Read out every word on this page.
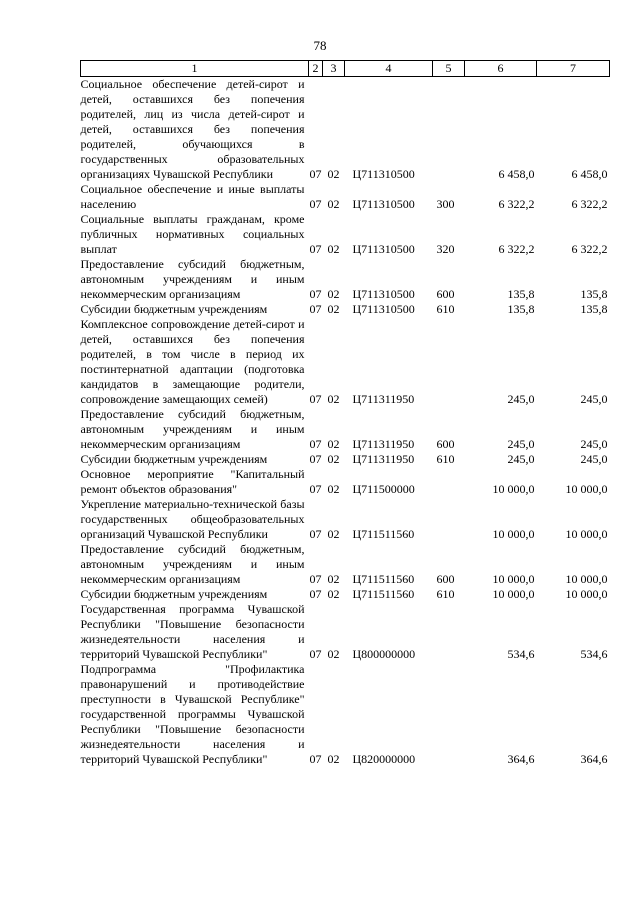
78
1	2	3	4	5	6	7
Социальное обеспечение детей-сирот и детей, оставшихся без попечения родителей, лиц из числа детей-сирот и детей, оставшихся без попечения родителей, обучающихся в государственных образовательных организациях Чувашской Республики	07	02	Ц711310500		6 458,0	6 458,0
Социальное обеспечение и иные выплаты населению	07	02	Ц711310500	300	6 322,2	6 322,2
Социальные выплаты гражданам, кроме публичных нормативных социальных выплат	07	02	Ц711310500	320	6 322,2	6 322,2
Предоставление субсидий бюджетным, автономным учреждениям и иным некоммерческим организациям	07	02	Ц711310500	600	135,8	135,8
Субсидии бюджетным учреждениям	07	02	Ц711310500	610	135,8	135,8
Комплексное сопровождение детей-сирот и детей, оставшихся без попечения родителей, в том числе в период их постинтернатной адаптации (подготовка кандидатов в замещающие родители, сопровождение замещающих семей)	07	02	Ц711311950		245,0	245,0
Предоставление субсидий бюджетным, автономным учреждениям и иным некоммерческим организациям	07	02	Ц711311950	600	245,0	245,0
Субсидии бюджетным учреждениям	07	02	Ц711311950	610	245,0	245,0
Основное мероприятие "Капитальный ремонт объектов образования"	07	02	Ц711500000		10 000,0	10 000,0
Укрепление материально-технической базы государственных общеобразовательных организаций Чувашской Республики	07	02	Ц711511560		10 000,0	10 000,0
Предоставление субсидий бюджетным, автономным учреждениям и иным некоммерческим организациям	07	02	Ц711511560	600	10 000,0	10 000,0
Субсидии бюджетным учреждениям	07	02	Ц711511560	610	10 000,0	10 000,0
Государственная программа Чувашской Республики "Повышение безопасности жизнедеятельности населения и территорий Чувашской Республики"	07	02	Ц800000000		534,6	534,6
Подпрограмма "Профилактика правонарушений и противодействие преступности в Чувашской Республике" государственной программы Чувашской Республики "Повышение безопасности жизнедеятельности населения и территорий Чувашской Республики"	07	02	Ц820000000		364,6	364,6
